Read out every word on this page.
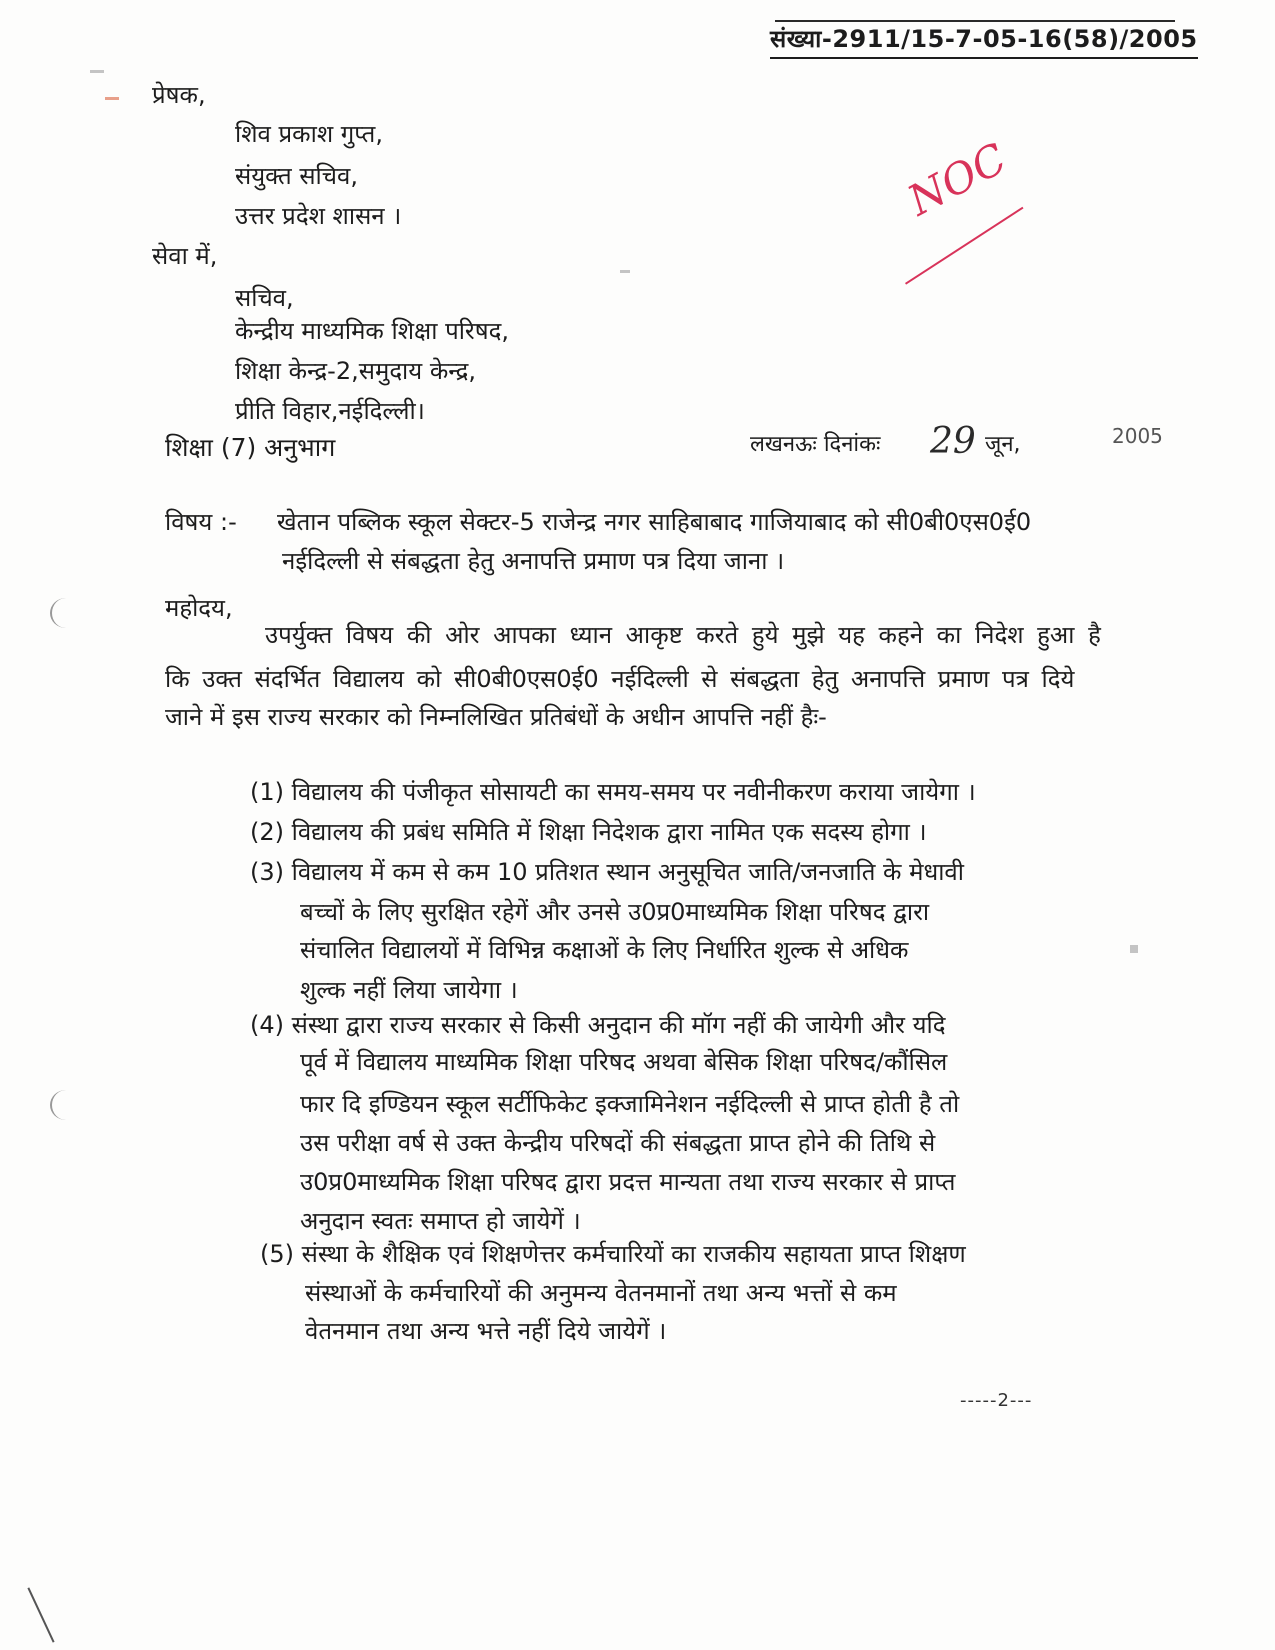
संख्या-2911/15-7-05-16(58)/2005
प्रेषक,
शिव प्रकाश गुप्त,
संयुक्त सचिव,
उत्तर प्रदेश शासन ।	NOC
सेवा में,
सचिव,
केन्द्रीय माध्यमिक शिक्षा परिषद,
शिक्षा केन्द्र-2,समुदाय केन्द्र,
प्रीति विहार,नईदिल्ली।
शिक्षा (7) अनुभाग	लखनऊः दिनांकः 29 जून,	2005
विषय :- खेतान पब्लिक स्कूल सेक्टर-5 राजेन्द्र नगर साहिबाबाद गाजियाबाद को सी0बी0एस0ई0
नईदिल्ली से संबद्धता हेतु अनापत्ति प्रमाण पत्र दिया जाना ।
महोदय,
उपर्युक्त विषय की ओर आपका ध्यान आकृष्ट करते हुये मुझे यह कहने का निदेश हुआ है
कि उक्त संदर्भित विद्यालय को सी0बी0एस0ई0 नईदिल्ली से संबद्धता हेतु अनापत्ति प्रमाण पत्र दिये
जाने में इस राज्य सरकार को निम्नलिखित प्रतिबंधों के अधीन आपत्ति नहीं हैः-
(1) विद्यालय की पंजीकृत सोसायटी का समय-समय पर नवीनीकरण कराया जायेगा ।
(2) विद्यालय की प्रबंध समिति में शिक्षा निदेशक द्वारा नामित एक सदस्य होगा ।
(3) विद्यालय में कम से कम 10 प्रतिशत स्थान अनुसूचित जाति/जनजाति के मेधावी
बच्चों के लिए सुरक्षित रहेगें और उनसे उ0प्र0माध्यमिक शिक्षा परिषद द्वारा
संचालित विद्यालयों में विभिन्न कक्षाओं के लिए निर्धारित शुल्क से अधिक
शुल्क नहीं लिया जायेगा ।
(4) संस्था द्वारा राज्य सरकार से किसी अनुदान की मॉग नहीं की जायेगी और यदि
पूर्व में विद्यालय माध्यमिक शिक्षा परिषद अथवा बेसिक शिक्षा परिषद/कौंसिल
फार दि इण्डियन स्कूल सर्टीफिकेट इक्जामिनेशन नईदिल्ली से प्राप्त होती है तो
उस परीक्षा वर्ष से उक्त केन्द्रीय परिषदों की संबद्धता प्राप्त होने की तिथि से
उ0प्र0माध्यमिक शिक्षा परिषद द्वारा प्रदत्त मान्यता तथा राज्य सरकार से प्राप्त
अनुदान स्वतः समाप्त हो जायेगें ।
(5) संस्था के शैक्षिक एवं शिक्षणेत्तर कर्मचारियों का राजकीय सहायता प्राप्त शिक्षण
संस्थाओं के कर्मचारियों की अनुमन्य वेतनमानों तथा अन्य भत्तों से कम
वेतनमान तथा अन्य भत्ते नहीं दिये जायेगें ।
-----2---
